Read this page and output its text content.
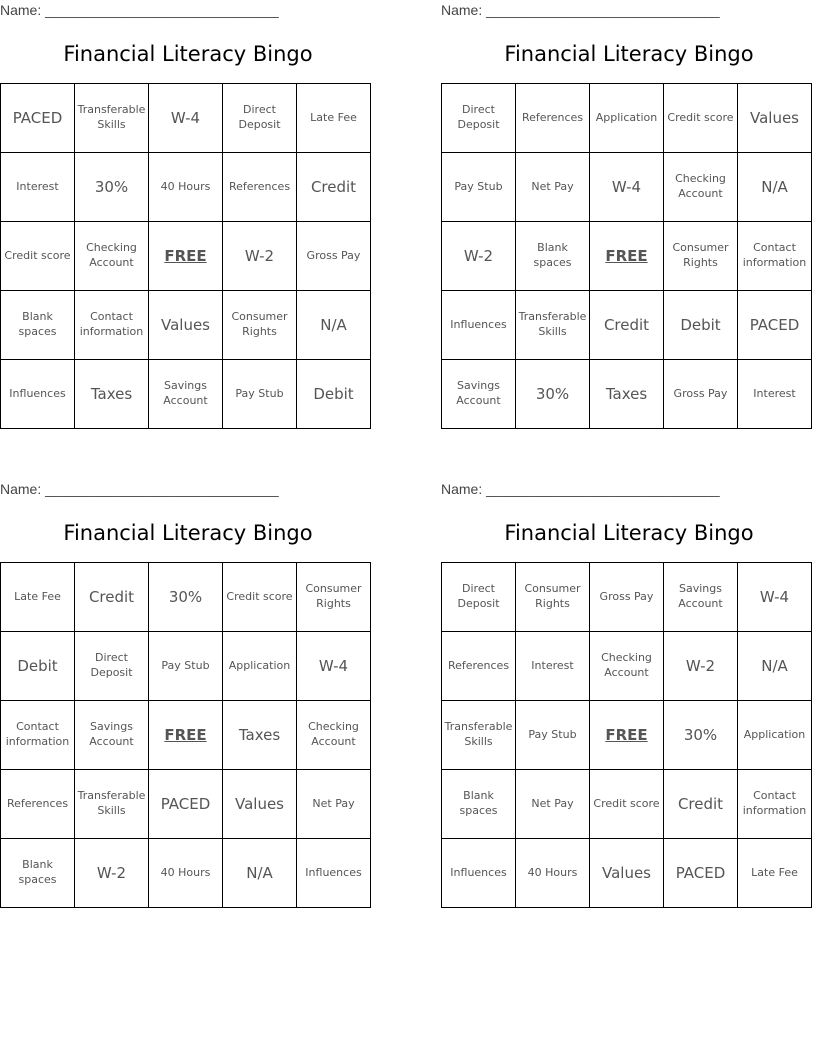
Name: ______________________________
Financial Literacy Bingo
PACED	Transferable Skills	W-4	Direct Deposit	Late Fee
Interest	30%	40 Hours	References	Credit
Credit score	Checking Account	FREE	W-2	Gross Pay
Blank spaces	Contact information	Values	Consumer Rights	N/A
Influences	Taxes	Savings Account	Pay Stub	Debit
Name: ______________________________
Financial Literacy Bingo
Direct Deposit	References	Application	Credit score	Values
Pay Stub	Net Pay	W-4	Checking Account	N/A
W-2	Blank spaces	FREE	Consumer Rights	Contact information
Influences	Transferable Skills	Credit	Debit	PACED
Savings Account	30%	Taxes	Gross Pay	Interest
Name: ______________________________
Financial Literacy Bingo
Late Fee	Credit	30%	Credit score	Consumer Rights
Debit	Direct Deposit	Pay Stub	Application	W-4
Contact information	Savings Account	FREE	Taxes	Checking Account
References	Transferable Skills	PACED	Values	Net Pay
Blank spaces	W-2	40 Hours	N/A	Influences
Name: ______________________________
Financial Literacy Bingo
Direct Deposit	Consumer Rights	Gross Pay	Savings Account	W-4
References	Interest	Checking Account	W-2	N/A
Transferable Skills	Pay Stub	FREE	30%	Application
Blank spaces	Net Pay	Credit score	Credit	Contact information
Influences	40 Hours	Values	PACED	Late Fee
